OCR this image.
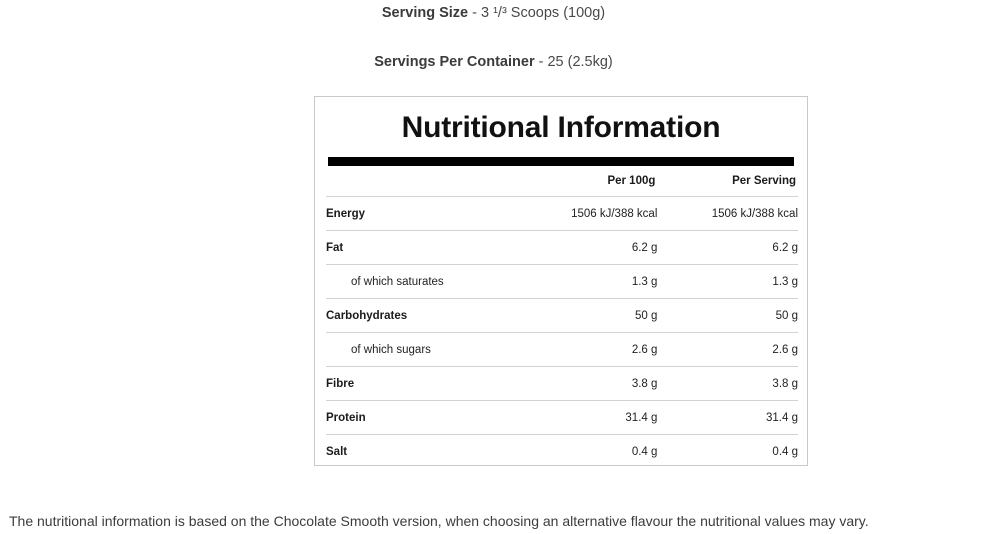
Serving Size - 3 ¹/³ Scoops (100g)
Servings Per Container - 25 (2.5kg)
Nutritional Information
	Per 100g	Per Serving
Energy	1506 kJ/388 kcal	1506 kJ/388 kcal
Fat	6.2 g	6.2 g
of which saturates	1.3 g	1.3 g
Carbohydrates	50 g	50 g
of which sugars	2.6 g	2.6 g
Fibre	3.8 g	3.8 g
Protein	31.4 g	31.4 g
Salt	0.4 g	0.4 g
The nutritional information is based on the Chocolate Smooth version, when choosing an alternative flavour the nutritional values may vary.
